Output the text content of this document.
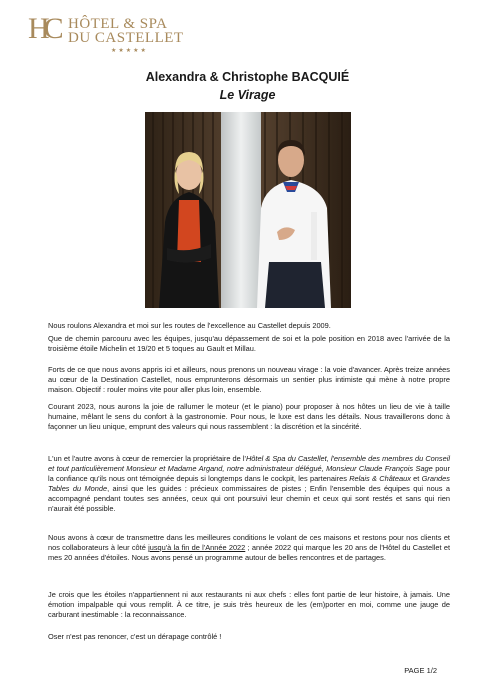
HC HÔTEL & SPA
DU CASTELLET
★★★★★
Alexandra & Christophe BACQUIÉ
Le Virage

Nous roulons Alexandra et moi sur les routes de l'excellence au Castellet depuis 2009.

Que de chemin parcouru avec les équipes, jusqu'au dépassement de soi et la pole position en 2018 avec l'arrivée de la troisième étoile Michelin et 19/20 et 5 toques au Gault et Millau.

Forts de ce que nous avons appris ici et ailleurs, nous prenons un nouveau virage : la voie d'avancer. Après treize années au cœur de la Destination Castellet, nous emprunterons désormais un sentier plus intimiste qui mène à notre propre maison. Objectif : rouler moins vite pour aller plus loin, ensemble.

Courant 2023, nous aurons la joie de rallumer le moteur (et le piano) pour proposer à nos hôtes un lieu de vie à taille humaine, mêlant le sens du confort à la gastronomie. Pour nous, le luxe est dans les détails. Nous travaillerons donc à façonner un lieu unique, emprunt des valeurs qui nous rassemblent : la discrétion et la sincérité.

L'un et l'autre avons à cœur de remercier la propriétaire de l'Hôtel & Spa du Castellet, l'ensemble des membres du Conseil et tout particulièrement Monsieur et Madame Argand, notre administrateur délégué, Monsieur Claude François Sage pour la confiance qu'ils nous ont témoignée depuis si longtemps dans le cockpit, les partenaires Relais & Châteaux et Grandes Tables du Monde, ainsi que les guides : précieux commissaires de pistes ; Enfin l'ensemble des équipes qui nous a accompagné pendant toutes ses années, ceux qui ont poursuivi leur chemin et ceux qui sont restés et sans qui rien n'aurait été possible.

Nous avons à cœur de transmettre dans les meilleures conditions le volant de ces maisons et restons pour nos clients et nos collaborateurs à leur côté jusqu'à la fin de l'Année 2022 ; année 2022 qui marque les 20 ans de l'Hôtel du Castellet et mes 20 années d'étoiles. Nous avons pensé un programme autour de belles rencontres et de partages.

Je crois que les étoiles n'appartiennent ni aux restaurants ni aux chefs : elles font partie de leur histoire, à jamais. Une émotion impalpable qui vous remplit. À ce titre, je suis très heureux de les (em)porter en moi, comme une jauge de carburant inestimable : la reconnaissance.

Oser n'est pas renoncer, c'est un dérapage contrôlé !

PAGE 1/2
